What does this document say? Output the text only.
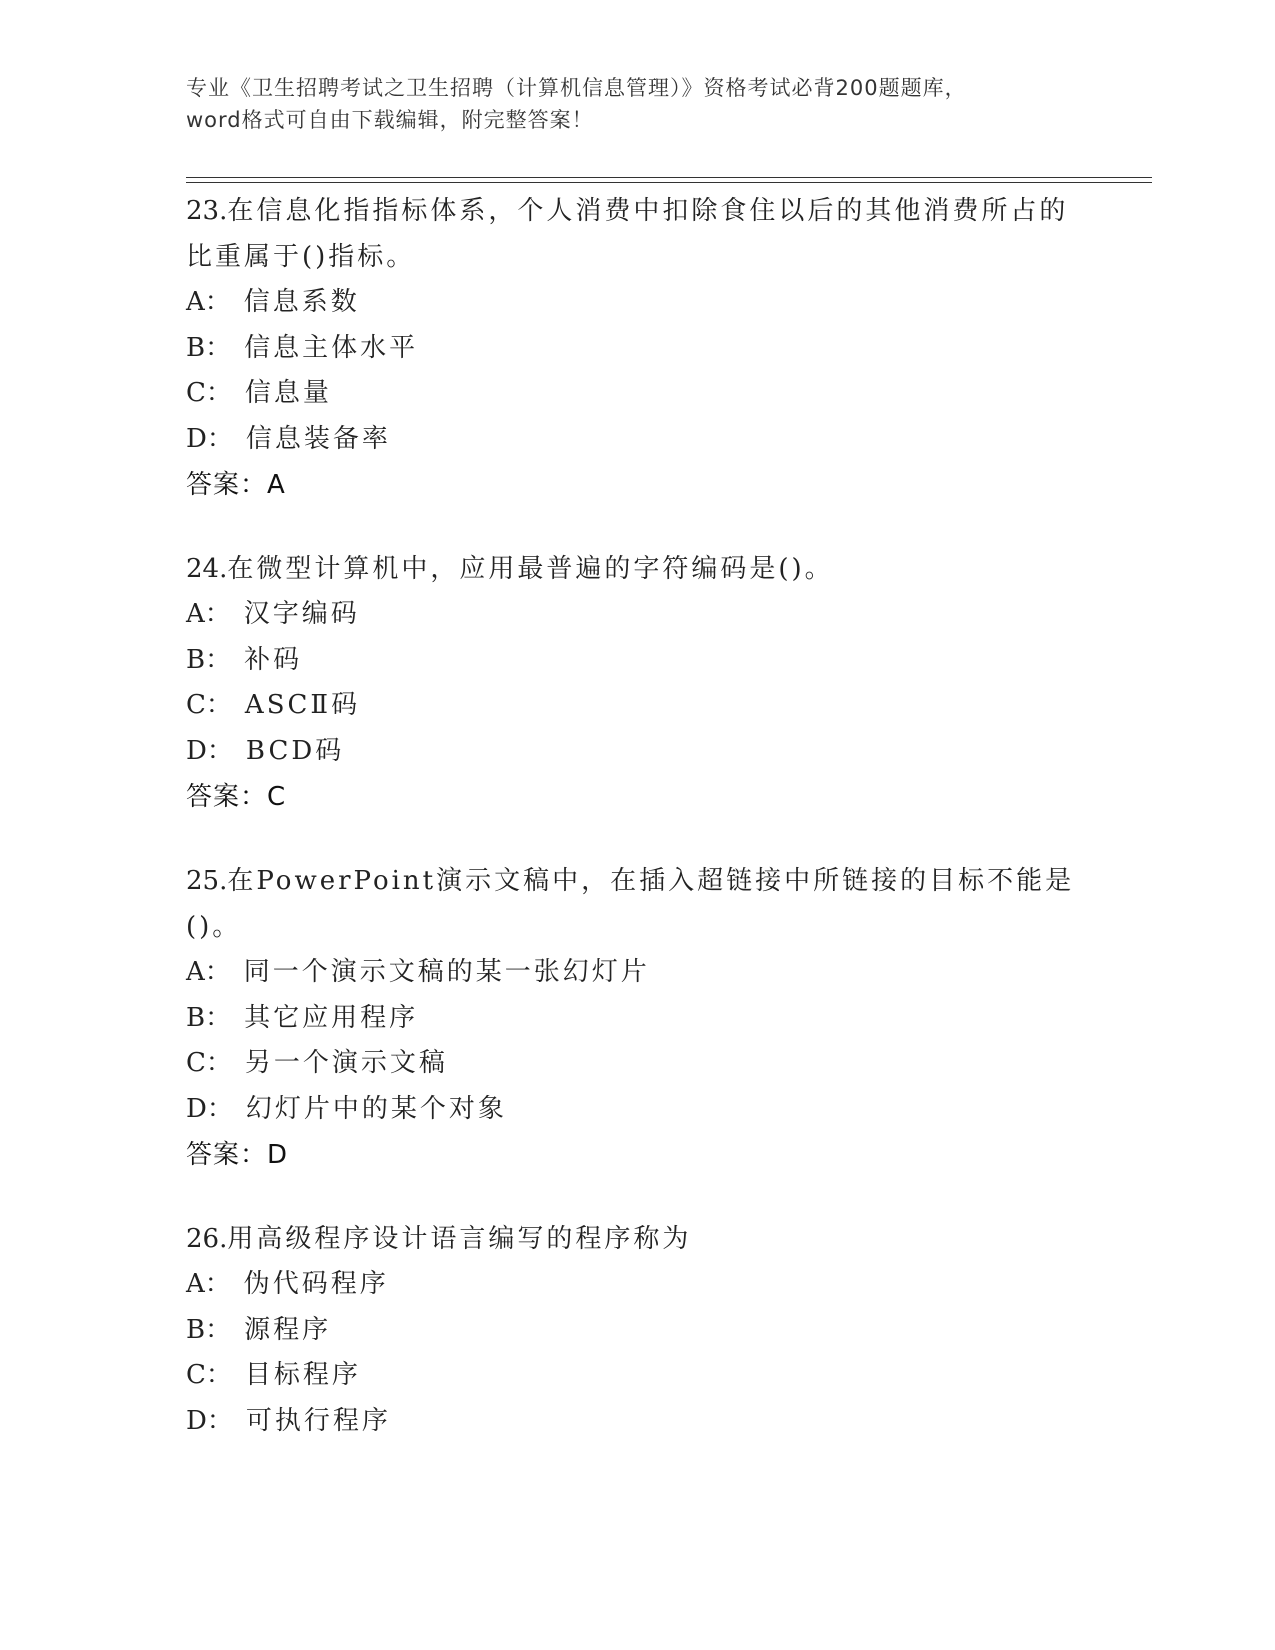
专业《卫生招聘考试之卫生招聘（计算机信息管理）》资格考试必背200题题库，
word格式可自由下载编辑，附完整答案！
23.在信息化指指标体系，个人消费中扣除食住以后的其他消费所占的
比重属于()指标。
A： 信息系数
B： 信息主体水平
C： 信息量
D： 信息装备率
答案：A
24.在微型计算机中，应用最普遍的字符编码是()。
A： 汉字编码
B： 补码
C： ASCⅡ码
D： BCD码
答案：C
25.在PowerPoint演示文稿中，在插入超链接中所链接的目标不能是
()。
A： 同一个演示文稿的某一张幻灯片
B： 其它应用程序
C： 另一个演示文稿
D： 幻灯片中的某个对象
答案：D
26.用高级程序设计语言编写的程序称为
A： 伪代码程序
B： 源程序
C： 目标程序
D： 可执行程序
